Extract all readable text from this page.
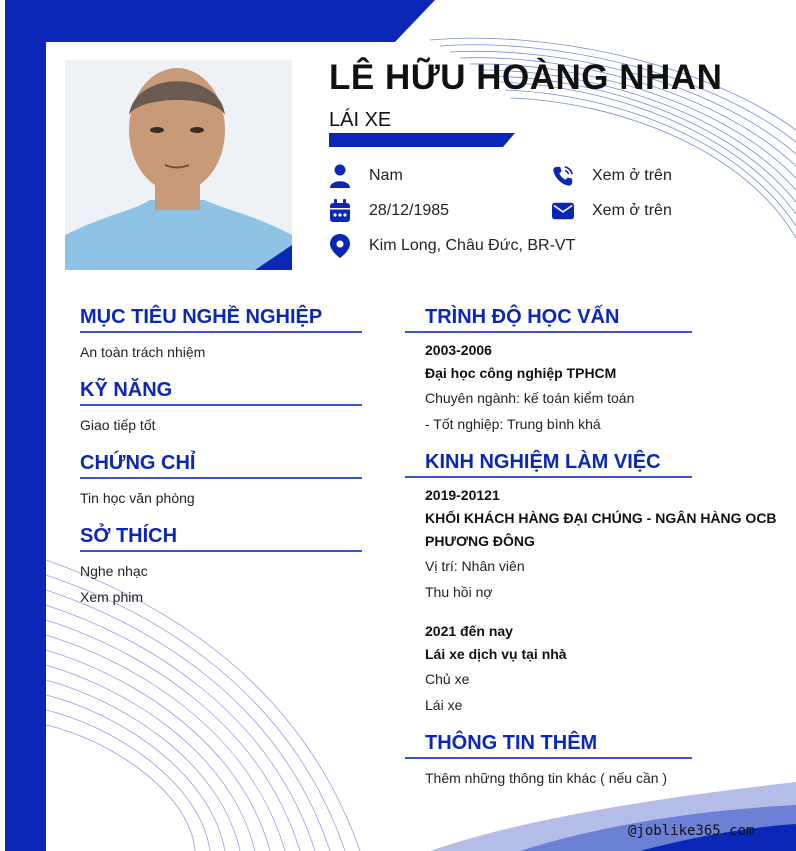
LÊ HỮU HOÀNG NHAN
LÁI XE
Nam
28/12/1985
Kim Long, Châu Đức, BR-VT
Xem ở trên
Xem ở trên
MỤC TIÊU NGHỀ NGHIỆP
An toàn trách nhiệm
KỸ NĂNG
Giao tiếp tốt
CHỨNG CHỈ
Tin học văn phòng
SỞ THÍCH
Nghe nhạc
Xem phim
TRÌNH ĐỘ HỌC VẤN
2003-2006
Đại học công nghiệp TPHCM
Chuyên ngành: kế toán kiểm toán
- Tốt nghiệp: Trung bình khá
KINH NGHIỆM LÀM VIỆC
2019-20121
KHỐI KHÁCH HÀNG ĐẠI CHÚNG - NGÂN HÀNG OCB
PHƯƠNG ĐÔNG
Vị trí: Nhân viên
Thu hồi nợ
2021 đến nay
Lái xe dịch vụ tại nhà
Chủ xe
Lái xe
THÔNG TIN THÊM
Thêm những thông tin khác ( nếu cần )
@joblike365.com
